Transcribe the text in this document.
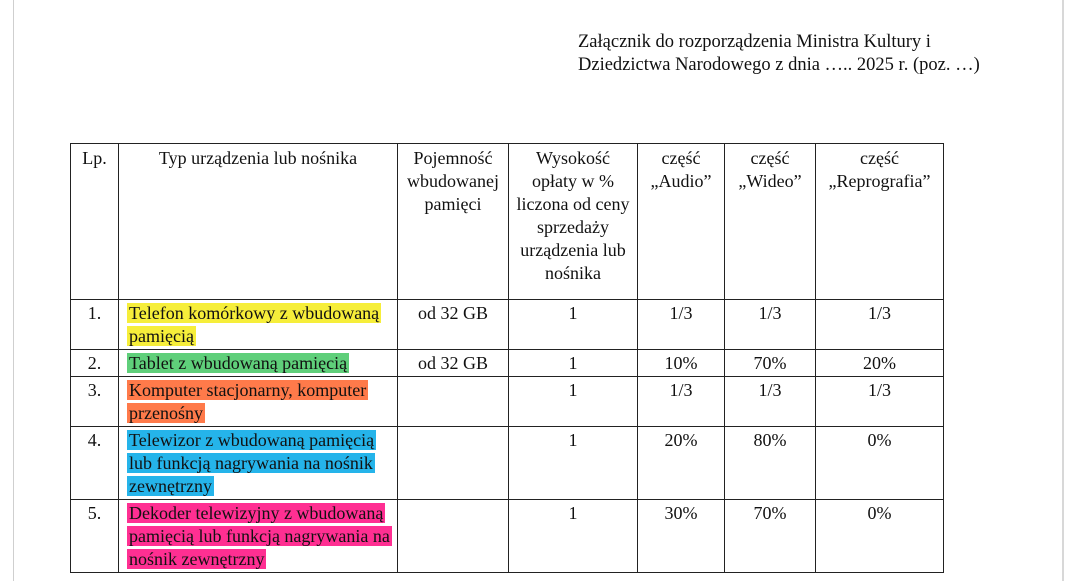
Załącznik do rozporządzenia Ministra Kultury i
Dziedzictwa Narodowego z dnia ….. 2025 r. (poz. …)
Lp.	Typ urządzenia lub nośnika	Pojemność wbudowanej pamięci	Wysokość opłaty w % liczona od ceny sprzedaży urządzenia lub nośnika	część „Audio”	część „Wideo”	część „Reprografia”
1.	Telefon komórkowy z wbudowaną pamięcią	od 32 GB	1	1/3	1/3	1/3
2.	Tablet z wbudowaną pamięcią	od 32 GB	1	10%	70%	20%
3.	Komputer stacjonarny, komputer przenośny		1	1/3	1/3	1/3
4.	Telewizor z wbudowaną pamięcią lub funkcją nagrywania na nośnik zewnętrzny		1	20%	80%	0%
5.	Dekoder telewizyjny z wbudowaną pamięcią lub funkcją nagrywania na nośnik zewnętrzny		1	30%	70%	0%
